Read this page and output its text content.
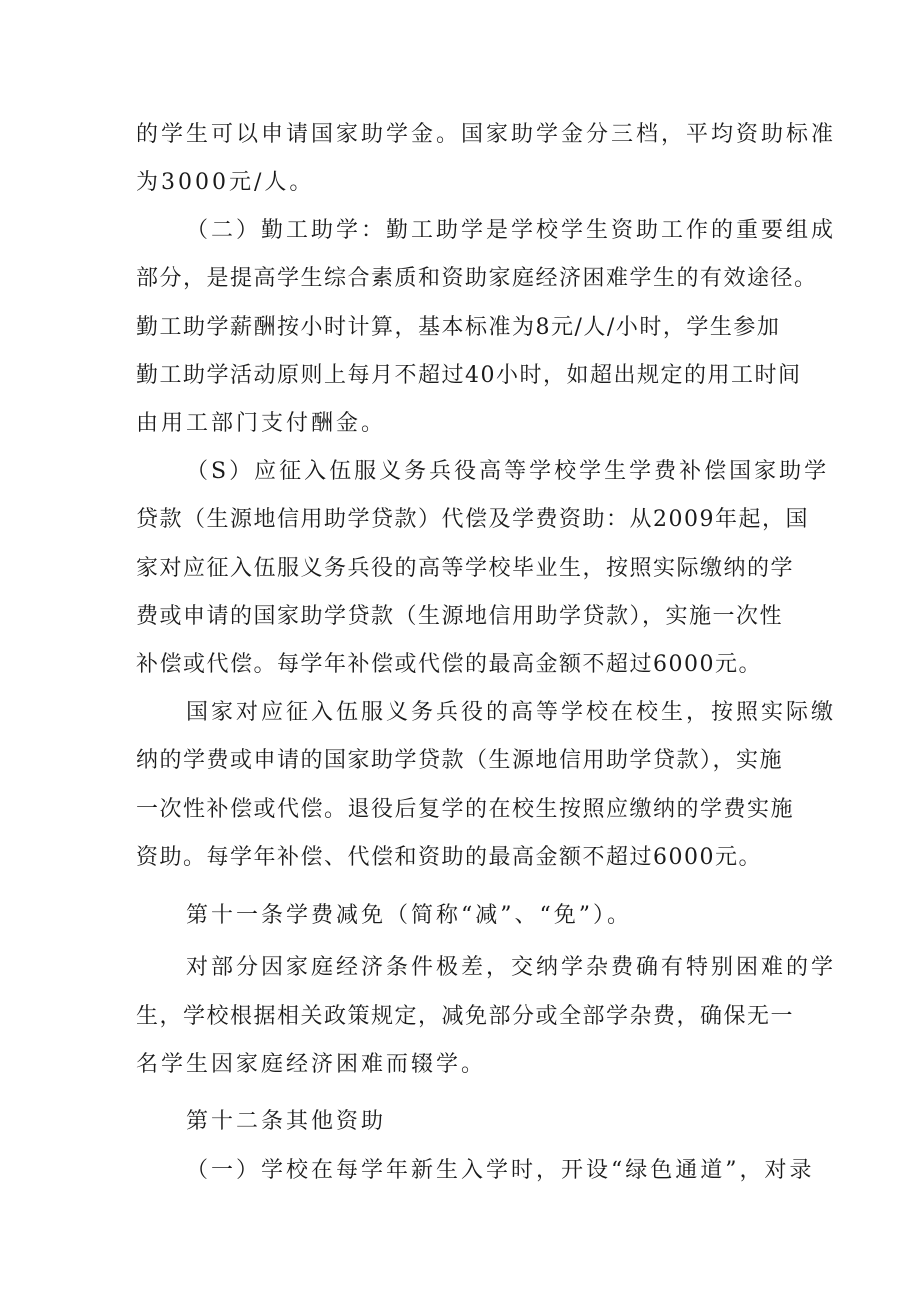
的学生可以申请国家助学金。国家助学金分三档，平均资助标准
为3000元/人。
（二）勤工助学：勤工助学是学校学生资助工作的重要组成
部分，是提高学生综合素质和资助家庭经济困难学生的有效途径。
勤工助学薪酬按小时计算，基本标准为8元/人/小时，学生参加
勤工助学活动原则上每月不超过40小时，如超出规定的用工时间
由用工部门支付酬金。
（S）应征入伍服义务兵役高等学校学生学费补偿国家助学
贷款（生源地信用助学贷款）代偿及学费资助：从2009年起，国
家对应征入伍服义务兵役的高等学校毕业生，按照实际缴纳的学
费或申请的国家助学贷款（生源地信用助学贷款），实施一次性
补偿或代偿。每学年补偿或代偿的最高金额不超过6000元。
国家对应征入伍服义务兵役的高等学校在校生，按照实际缴
纳的学费或申请的国家助学贷款（生源地信用助学贷款），实施
一次性补偿或代偿。退役后复学的在校生按照应缴纳的学费实施
资助。每学年补偿、代偿和资助的最高金额不超过6000元。
第十一条学费减免（简称“减”、“免”）。
对部分因家庭经济条件极差，交纳学杂费确有特别困难的学
生，学校根据相关政策规定，减免部分或全部学杂费，确保无一
名学生因家庭经济困难而辍学。
第十二条其他资助
（一）学校在每学年新生入学时，开设“绿色通道”，对录
